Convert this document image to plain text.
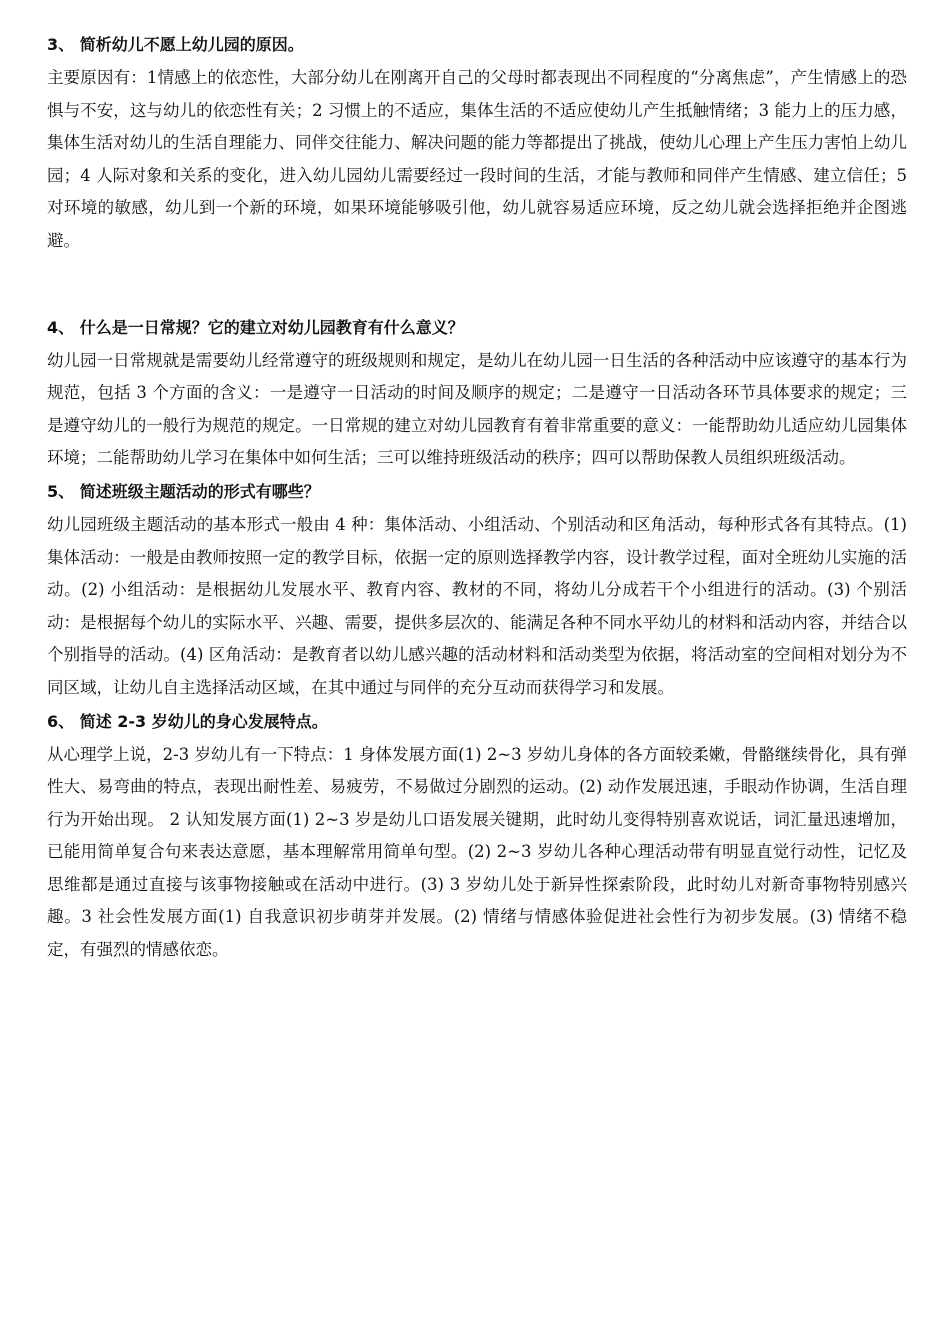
3、 简析幼儿不愿上幼儿园的原因。

主要原因有：1情感上的依恋性，大部分幼儿在刚离开自己的父母时都表现出不同程度的“分离焦虑”，产生情感上的恐惧与不安，这与幼儿的依恋性有关；2 习惯上的不适应，集体生活的不适应使幼儿产生抵触情绪；3 能力上的压力感，集体生活对幼儿的生活自理能力、同伴交往能力、解决问题的能力等都提出了挑战，使幼儿心理上产生压力害怕上幼儿园；4 人际对象和关系的变化，进入幼儿园幼儿需要经过一段时间的生活，才能与教师和同伴产生情感、建立信任；5 对环境的敏感，幼儿到一个新的环境，如果环境能够吸引他，幼儿就容易适应环境，反之幼儿就会选择拒绝并企图逃避。

4、 什么是一日常规？它的建立对幼儿园教育有什么意义？

幼儿园一日常规就是需要幼儿经常遵守的班级规则和规定，是幼儿在幼儿园一日生活的各种活动中应该遵守的基本行为规范，包括 3 个方面的含义：一是遵守一日活动的时间及顺序的规定；二是遵守一日活动各环节具体要求的规定；三是遵守幼儿的一般行为规范的规定。一日常规的建立对幼儿园教育有着非常重要的意义：一能帮助幼儿适应幼儿园集体环境；二能帮助幼儿学习在集体中如何生活；三可以维持班级活动的秩序；四可以帮助保教人员组织班级活动。

5、 简述班级主题活动的形式有哪些？

幼儿园班级主题活动的基本形式一般由 4 种：集体活动、小组活动、个别活动和区角活动，每种形式各有其特点。(1) 集体活动：一般是由教师按照一定的教学目标，依据一定的原则选择教学内容，设计教学过程，面对全班幼儿实施的活动。(2) 小组活动：是根据幼儿发展水平、教育内容、教材的不同，将幼儿分成若干个小组进行的活动。(3) 个别活动：是根据每个幼儿的实际水平、兴趣、需要，提供多层次的、能满足各种不同水平幼儿的材料和活动内容，并结合以个别指导的活动。(4) 区角活动：是教育者以幼儿感兴趣的活动材料和活动类型为依据，将活动室的空间相对划分为不同区域，让幼儿自主选择活动区域，在其中通过与同伴的充分互动而获得学习和发展。

6、 简述 2-3 岁幼儿的身心发展特点。

从心理学上说，2-3 岁幼儿有一下特点：1 身体发展方面(1) 2~3 岁幼儿身体的各方面较柔嫩，骨骼继续骨化，具有弹性大、易弯曲的特点，表现出耐性差、易疲劳，不易做过分剧烈的运动。(2) 动作发展迅速，手眼动作协调，生活自理行为开始出现。 2 认知发展方面(1) 2~3 岁是幼儿口语发展关键期，此时幼儿变得特别喜欢说话，词汇量迅速增加，已能用简单复合句来表达意愿，基本理解常用简单句型。(2) 2~3 岁幼儿各种心理活动带有明显直觉行动性，记忆及思维都是通过直接与该事物接触或在活动中进行。(3) 3 岁幼儿处于新异性探索阶段，此时幼儿对新奇事物特别感兴趣。3 社会性发展方面(1) 自我意识初步萌芽并发展。(2) 情绪与情感体验促进社会性行为初步发展。(3) 情绪不稳定，有强烈的情感依恋。
